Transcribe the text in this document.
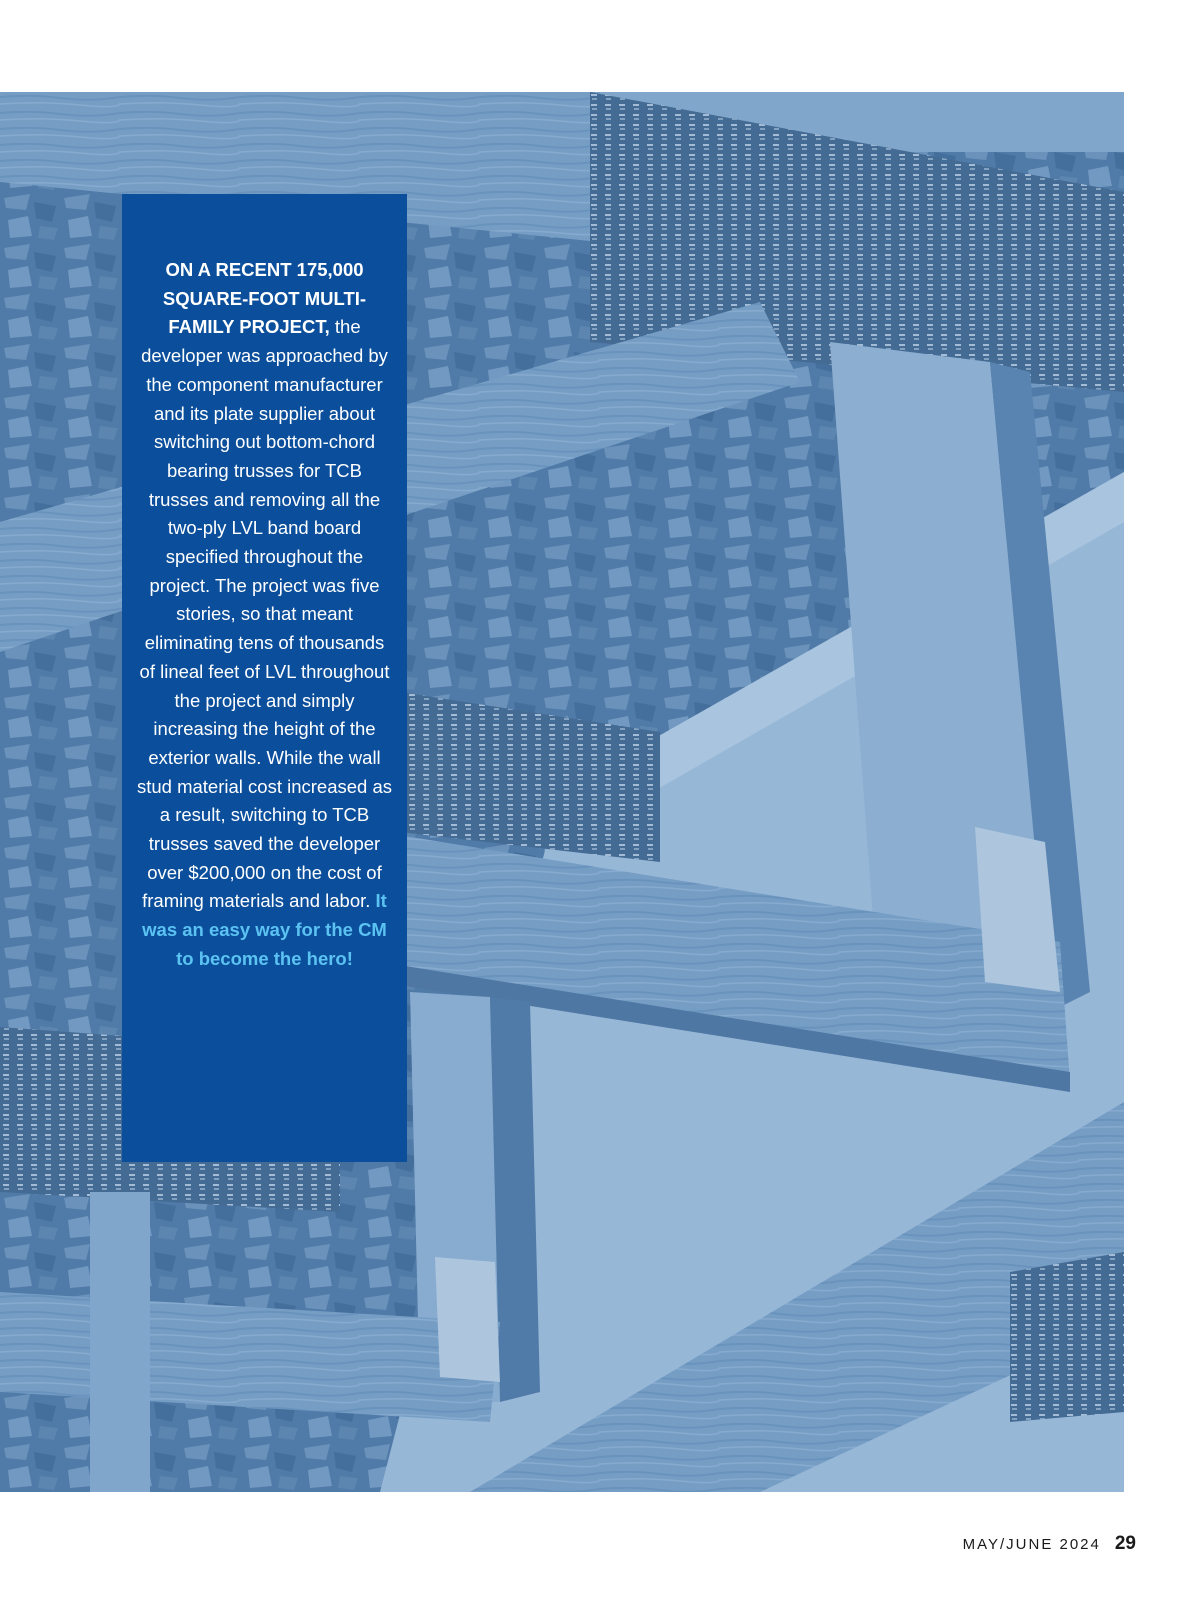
ON A RECENT 175,000 SQUARE-FOOT MULTI-FAMILY PROJECT, the developer was approached by the component manufacturer and its plate supplier about switching out bottom-chord bearing trusses for TCB trusses and removing all the two-ply LVL band board specified throughout the project. The project was five stories, so that meant eliminating tens of thousands of lineal feet of LVL throughout the project and simply increasing the height of the exterior walls. While the wall stud material cost increased as a result, switching to TCB trusses saved the developer over $200,000 on the cost of framing materials and labor. It was an easy way for the CM to become the hero!
MAY/JUNE 2024 29
